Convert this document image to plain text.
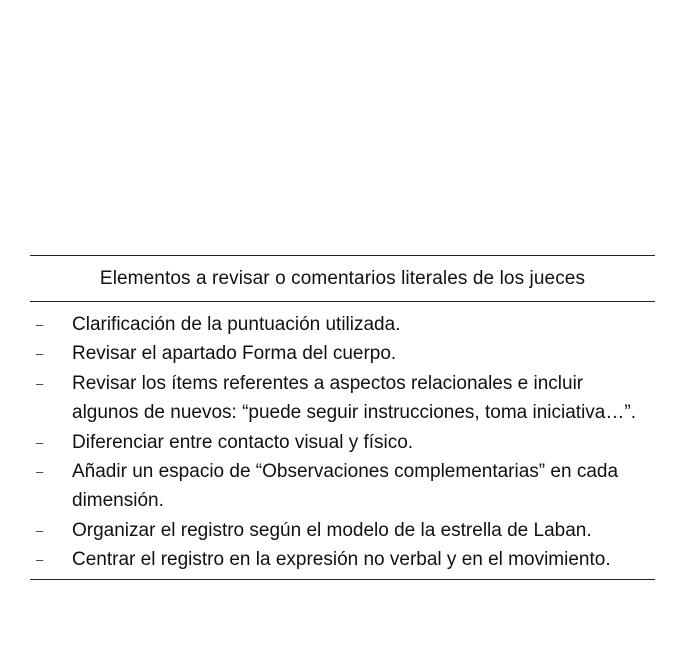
Elementos a revisar o comentarios literales de los jueces
– Clarificación de la puntuación utilizada.
– Revisar el apartado Forma del cuerpo.
– Revisar los ítems referentes a aspectos relacionales e incluir algunos de nuevos: “puede seguir instrucciones, toma iniciativa…”.
– Diferenciar entre contacto visual y físico.
– Añadir un espacio de “Observaciones complementarias” en cada dimensión.
– Organizar el registro según el modelo de la estrella de Laban.
– Centrar el registro en la expresión no verbal y en el movimiento.
